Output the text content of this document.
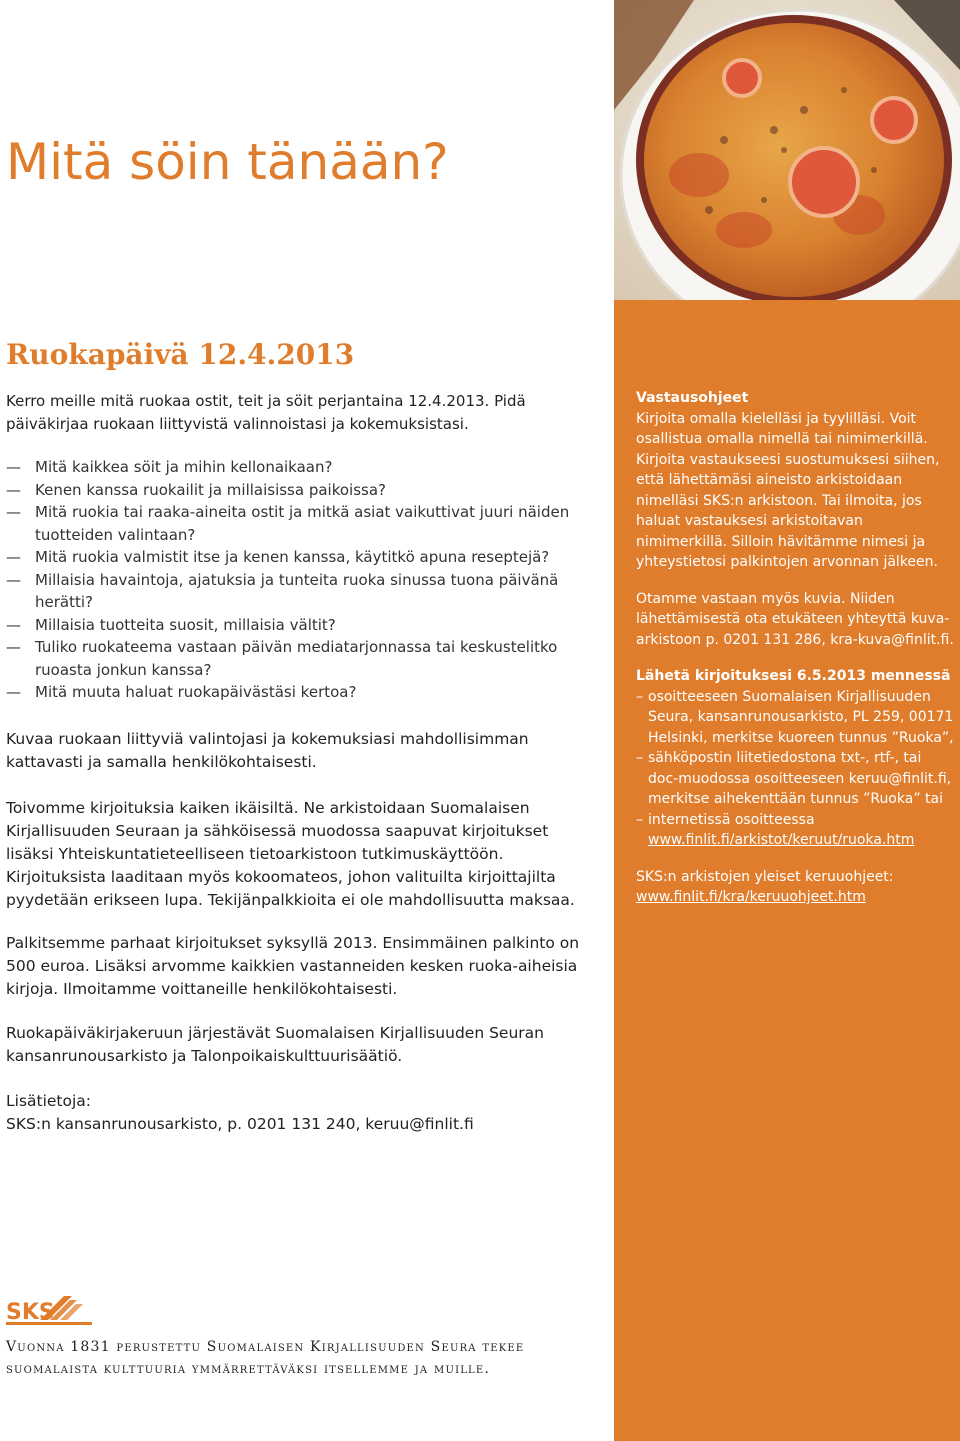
Vastausohjeet
Kirjoita omalla kielelläsi ja tyylilläsi. Voit osallistua omalla nimellä tai nimimerkillä. Kirjoita vastaukseesi suostumuksesi siihen, että lähettämäsi aineisto arkistoidaan nimelläsi SKS:n arkistoon. Tai ilmoita, jos haluat vastauksesi arkistoitavan nimimerkillä. Silloin hävitämme nimesi ja yhteystietosi palkintojen arvonnan jälkeen.
Otamme vastaan myös kuvia. Niiden lähettämisestä ota etukäteen yhteyttä kuva-arkistoon p. 0201 131 286, kra-kuva@finlit.fi.
Lähetä kirjoituksesi 6.5.2013 mennessä
– osoitteeseen Suomalaisen Kirjallisuuden Seura, kansanrunousarkisto, PL 259, 00171 Helsinki, merkitse kuoreen tunnus ”Ruoka”,
– sähköpostin liitetiedostona txt-, rtf-, tai doc-muodossa osoitteeseen keruu@finlit.fi, merkitse aihekenttään tunnus ”Ruoka” tai
– internetissä osoitteessa
www.finlit.fi/arkistot/keruut/ruoka.htm
SKS:n arkistojen yleiset keruuohjeet:
www.finlit.fi/kra/keruuohjeet.htm
Mitä söin tänään?
Ruokapäivä 12.4.2013

Kerro meille mitä ruokaa ostit, teit ja söit perjantaina 12.4.2013. Pidä päiväkirjaa ruokaan liittyvistä valinnoistasi ja kokemuksistasi.

— Mitä kaikkea söit ja mihin kellonaikaan?
— Kenen kanssa ruokailit ja millaisissa paikoissa?
— Mitä ruokia tai raaka-aineita ostit ja mitkä asiat vaikuttivat juuri näiden tuotteiden valintaan?
— Mitä ruokia valmistit itse ja kenen kanssa, käytitkö apuna reseptejä?
— Millaisia havaintoja, ajatuksia ja tunteita ruoka sinussa tuona päivänä herätti?
— Millaisia tuotteita suosit, millaisia vältit?
— Tuliko ruokateema vastaan päivän mediatarjonnassa tai keskustelitko ruoasta jonkun kanssa?
— Mitä muuta haluat ruokapäivästäsi kertoa?

Kuvaa ruokaan liittyviä valintojasi ja kokemuksiasi mahdollisimman kattavasti ja samalla henkilökohtaisesti.

Toivomme kirjoituksia kaiken ikäisiltä. Ne arkistoidaan Suomalaisen Kirjallisuuden Seuraan ja sähköisessä muodossa saapuvat kirjoitukset lisäksi Yhteiskuntatieteelliseen tietoarkistoon tutkimuskäyttöön. Kirjoituksista laaditaan myös kokoomateos, johon valituilta kirjoittajilta pyydetään erikseen lupa. Tekijänpalkkioita ei ole mahdollisuutta maksaa.

Palkitsemme parhaat kirjoitukset syksyllä 2013. Ensimmäinen palkinto on 500 euroa. Lisäksi arvomme kaikkien vastanneiden kesken ruoka-aiheisia kirjoja. Ilmoitamme voittaneille henkilökohtaisesti.

Ruokapäiväkirjakeruun järjestävät Suomalaisen Kirjallisuuden Seuran kansanrunousarkisto ja Talonpoikaiskulttuurisäätiö.

Lisätietoja:

SKS:n kansanrunousarkisto, p. 0201 131 240, keruu@finlit.fi

SKS

Vuonna 1831 perustettu Suomalaisen Kirjallisuuden Seura tekee suomalaista kulttuuria ymmärrettäväksi itsellemme ja muille.
